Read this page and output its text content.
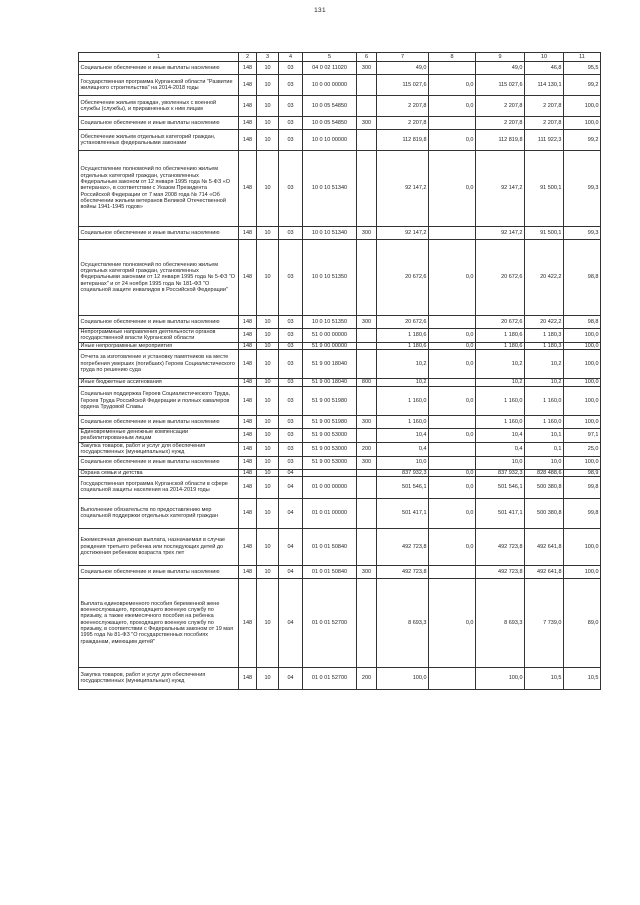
131
1	2	3	4	5	6	7	8	9	10	11
Социальное обеспечение и иные выплаты населению	148	10	03	04 0 02 11020	300	49,0		49,0	46,8	95,5
Государственная программа Курганской области "Развитие жилищного строительства" на 2014-2018 годы	148	10	03	10 0 00 00000		115 027,6	0,0	115 027,6	114 130,1	99,2
Обеспечение жильем граждан, уволенных с военной службы (службы), и приравненных к ним лицам	148	10	03	10 0 05 54850		2 207,8	0,0	2 207,8	2 207,8	100,0
Социальное обеспечение и иные выплаты населению	148	10	03	10 0 05 54850	300	2 207,8		2 207,8	2 207,8	100,0
Обеспечение жильем отдельных категорий граждан, установленных федеральными законами	148	10	03	10 0 10 00000		112 819,8	0,0	112 819,8	111 922,3	99,2
Осуществление полномочий по обеспечению жильем отдельных категорий граждан, установленных Федеральным законом от 12 января 1995 года № 5-ФЗ «О ветеранах», в соответствии с Указом Президента Российской Федерации от 7 мая 2008 года № 714 «Об обеспечении жильем ветеранов Великой Отечественной войны 1941-1945 годов»	148	10	03	10 0 10 51340		92 147,2	0,0	92 147,2	91 500,1	99,3
Социальное обеспечение и иные выплаты населению	148	10	03	10 0 10 51340	300	92 147,2		92 147,2	91 500,1	99,3
Осуществление полномочий по обеспечению жильем отдельных категорий граждан, установленных Федеральными законами от 12 января 1995 года № 5-ФЗ "О ветеранах" и от 24 ноября 1995 года № 181-ФЗ "О социальной защите инвалидов в Российской Федерации"	148	10	03	10 0 10 51350		20 672,6	0,0	20 672,6	20 422,2	98,8
Социальное обеспечение и иные выплаты населению	148	10	03	10 0 10 51350	300	20 672,6		20 672,6	20 422,2	98,8
Непрограммные направления деятельности органов государственной власти Курганской области	148	10	03	51 0 00 00000		1 180,6	0,0	1 180,6	1 180,3	100,0
Иные непрограммные мероприятия	148	10	03	51 9 00 00000		1 180,6	0,0	1 180,6	1 180,3	100,0
Отчета за изготовление и установку памятников на месте погребения умерших (погибших) Героев Социалистического труда по решению суда	148	10	03	51 9 00 18040		10,2	0,0	10,2	10,2	100,0
Иные бюджетные ассигнования	148	10	03	51 9 00 18040	800	10,2		10,2	10,2	100,0
Социальная поддержка Героев Социалистического Труда, Героев Труда Российской Федерации и полных кавалеров ордена Трудовой Славы	148	10	03	51 9 00 51980		1 160,0	0,0	1 160,0	1 160,0	100,0
Социальное обеспечение и иные выплаты населению	148	10	03	51 9 00 51980	300	1 160,0		1 160,0	1 160,0	100,0
Единовременные денежные компенсации реабилитированным лицам	148	10	03	51 9 00 53000		10,4	0,0	10,4	10,1	97,1
Закупка товаров, работ и услуг для обеспечения государственных (муниципальных) нужд	148	10	03	51 9 00 53000	200	0,4		0,4	0,1	25,0
Социальное обеспечение и иные выплаты населению	148	10	03	51 9 00 53000	300	10,0		10,0	10,0	100,0
Охрана семьи и детства	148	10	04			837 932,3	0,0	837 932,3	828 488,6	98,9
Государственная программа Курганской области в сфере социальной защиты населения на 2014-2019 годы	148	10	04	01 0 00 00000		501 546,1	0,0	501 546,1	500 380,8	99,8
Выполнение обязательств по предоставлению мер социальной поддержки отдельных категорий граждан	148	10	04	01 0 01 00000		501 417,1	0,0	501 417,1	500 380,8	99,8
Ежемесячная денежная выплата, назначаемая в случае рождения третьего ребенка или последующих детей до достижения ребенком возраста трех лет	148	10	04	01 0 01 50840		492 723,8	0,0	492 723,8	492 641,8	100,0
Социальное обеспечение и иные выплаты населению	148	10	04	01 0 01 50840	300	492 723,8		492 723,8	492 641,8	100,0
Выплата единовременного пособия беременной жене военнослужащего, проходящего военную службу по призыву, а также ежемесячного пособия на ребенка военнослужащего, проходящего военную службу по призыву, в соответствии с Федеральным законом от 19 мая 1995 года № 81-ФЗ "О государственных пособиях гражданам, имеющим детей"	148	10	04	01 0 01 52700		8 693,3	0,0	8 693,3	7 739,0	89,0
Закупка товаров, работ и услуг для обеспечения государственных (муниципальных) нужд	148	10	04	01 0 01 52700	200	100,0		100,0	10,5	10,5
